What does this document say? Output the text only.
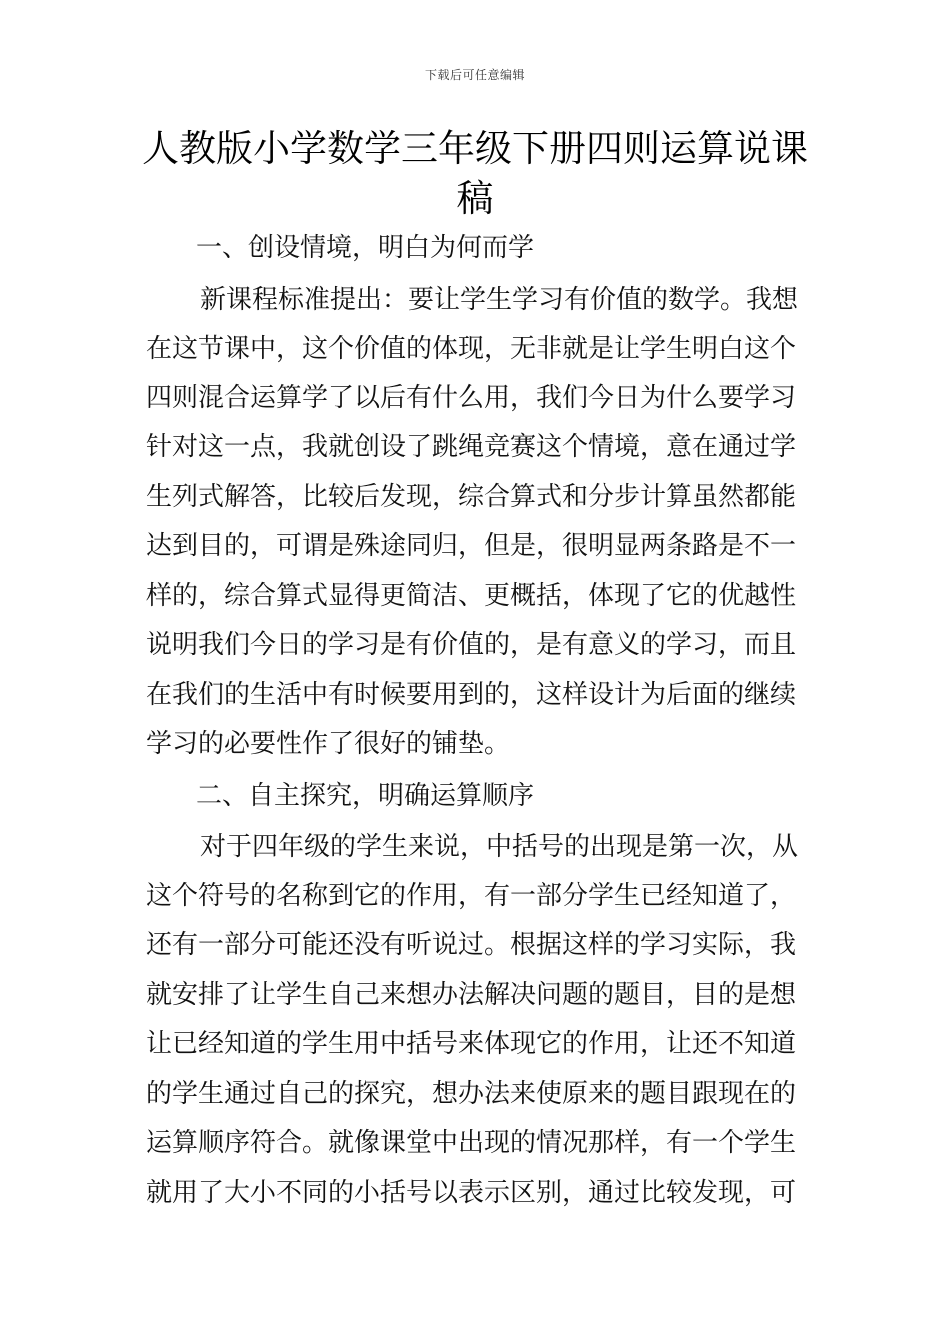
下载后可任意编辑
人教版小学数学三年级下册四则运算说课稿
一、创设情境，明白为何而学
新课程标准提出：要让学生学习有价值的数学。我想
在这节课中，这个价值的体现，无非就是让学生明白这个
四则混合运算学了以后有什么用，我们今日为什么要学习
针对这一点，我就创设了跳绳竞赛这个情境，意在通过学
生列式解答，比较后发现，综合算式和分步计算虽然都能
达到目的，可谓是殊途同归，但是，很明显两条路是不一
样的，综合算式显得更简洁、更概括，体现了它的优越性
说明我们今日的学习是有价值的，是有意义的学习，而且
在我们的生活中有时候要用到的，这样设计为后面的继续
学习的必要性作了很好的铺垫。
二、自主探究，明确运算顺序
对于四年级的学生来说，中括号的出现是第一次，从
这个符号的名称到它的作用，有一部分学生已经知道了，
还有一部分可能还没有听说过。根据这样的学习实际，我
就安排了让学生自己来想办法解决问题的题目，目的是想
让已经知道的学生用中括号来体现它的作用，让还不知道
的学生通过自己的探究，想办法来使原来的题目跟现在的
运算顺序符合。就像课堂中出现的情况那样，有一个学生
就用了大小不同的小括号以表示区别，通过比较发现，可
